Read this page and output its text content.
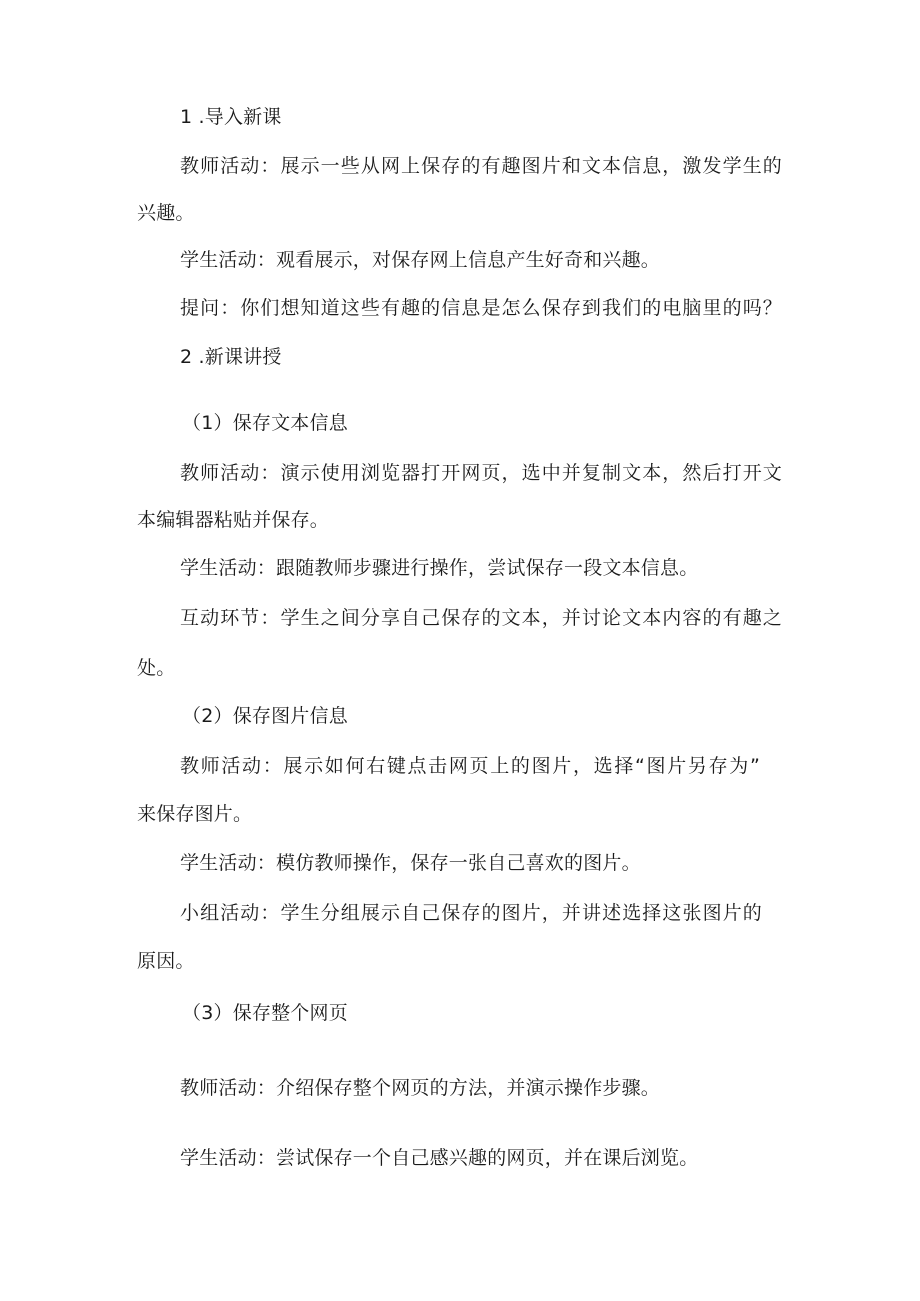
1 .导入新课

教师活动：展示一些从网上保存的有趣图片和文本信息，激发学生的

兴趣。

学生活动：观看展示，对保存网上信息产生好奇和兴趣。

提问：你们想知道这些有趣的信息是怎么保存到我们的电脑里的吗？

2 .新课讲授

（1）保存文本信息

教师活动：演示使用浏览器打开网页，选中并复制文本，然后打开文

本编辑器粘贴并保存。

学生活动：跟随教师步骤进行操作，尝试保存一段文本信息。

互动环节：学生之间分享自己保存的文本，并讨论文本内容的有趣之

处。

（2）保存图片信息

教师活动：展示如何右键点击网页上的图片，选择“图片另存为”

来保存图片。

学生活动：模仿教师操作，保存一张自己喜欢的图片。

小组活动：学生分组展示自己保存的图片，并讲述选择这张图片的

原因。

（3）保存整个网页

教师活动：介绍保存整个网页的方法，并演示操作步骤。

学生活动：尝试保存一个自己感兴趣的网页，并在课后浏览。
